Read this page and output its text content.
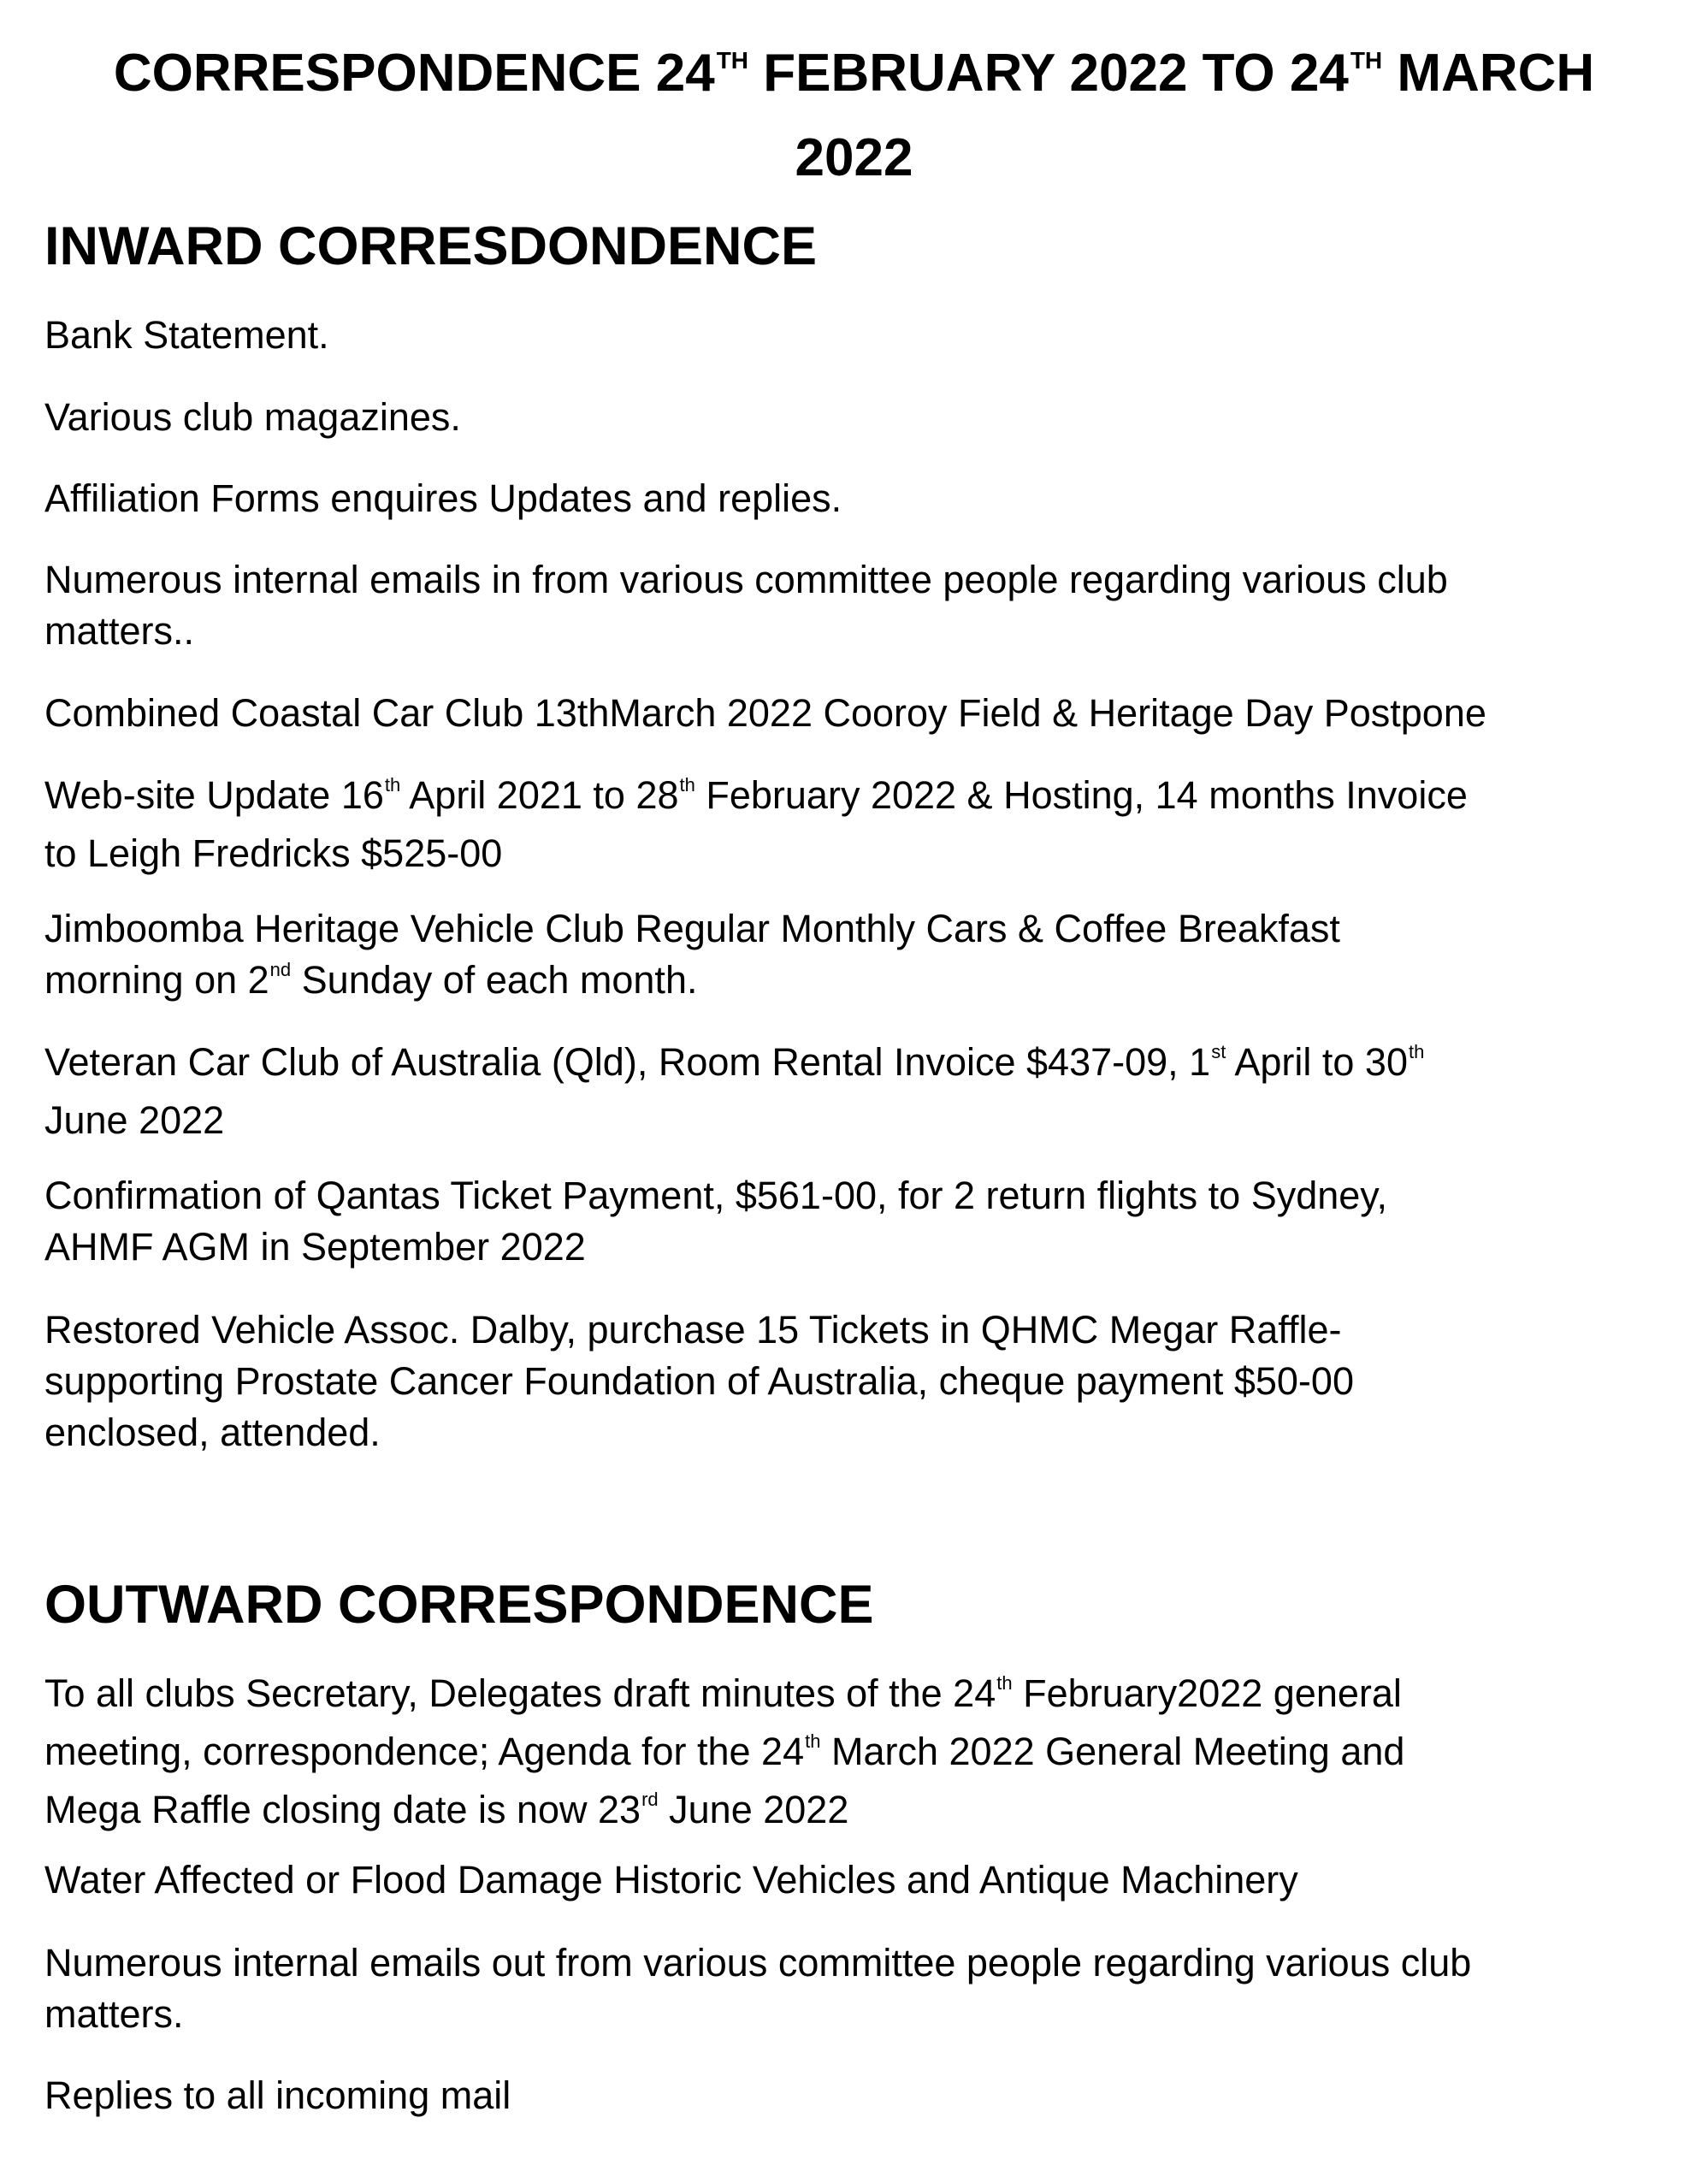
CORRESPONDENCE 24TH FEBRUARY 2022 TO 24TH MARCH
2022
INWARD CORRESDONDENCE

Bank Statement.

Various club magazines.

Affiliation Forms enquires Updates and replies.

Numerous internal emails in from various committee people regarding various club
matters..

Combined Coastal Car Club 13thMarch 2022 Cooroy Field & Heritage Day Postpone

Web-site Update 16th April 2021 to 28th February 2022 & Hosting, 14 months Invoice
to Leigh Fredricks $525-00

Jimboomba Heritage Vehicle Club Regular Monthly Cars & Coffee Breakfast
morning on 2nd Sunday of each month.

Veteran Car Club of Australia (Qld), Room Rental Invoice $437-09, 1st April to 30th
June 2022

Confirmation of Qantas Ticket Payment, $561-00, for 2 return flights to Sydney,
AHMF AGM in September 2022

Restored Vehicle Assoc. Dalby, purchase 15 Tickets in QHMC Megar Raffle-
supporting Prostate Cancer Foundation of Australia, cheque payment $50-00
enclosed, attended.

OUTWARD CORRESPONDENCE

To all clubs Secretary, Delegates draft minutes of the 24th February2022 general
meeting, correspondence; Agenda for the 24th March 2022 General Meeting and
Mega Raffle closing date is now 23rd June 2022

Water Affected or Flood Damage Historic Vehicles and Antique Machinery

Numerous internal emails out from various committee people regarding various club
matters.

Replies to all incoming mail
